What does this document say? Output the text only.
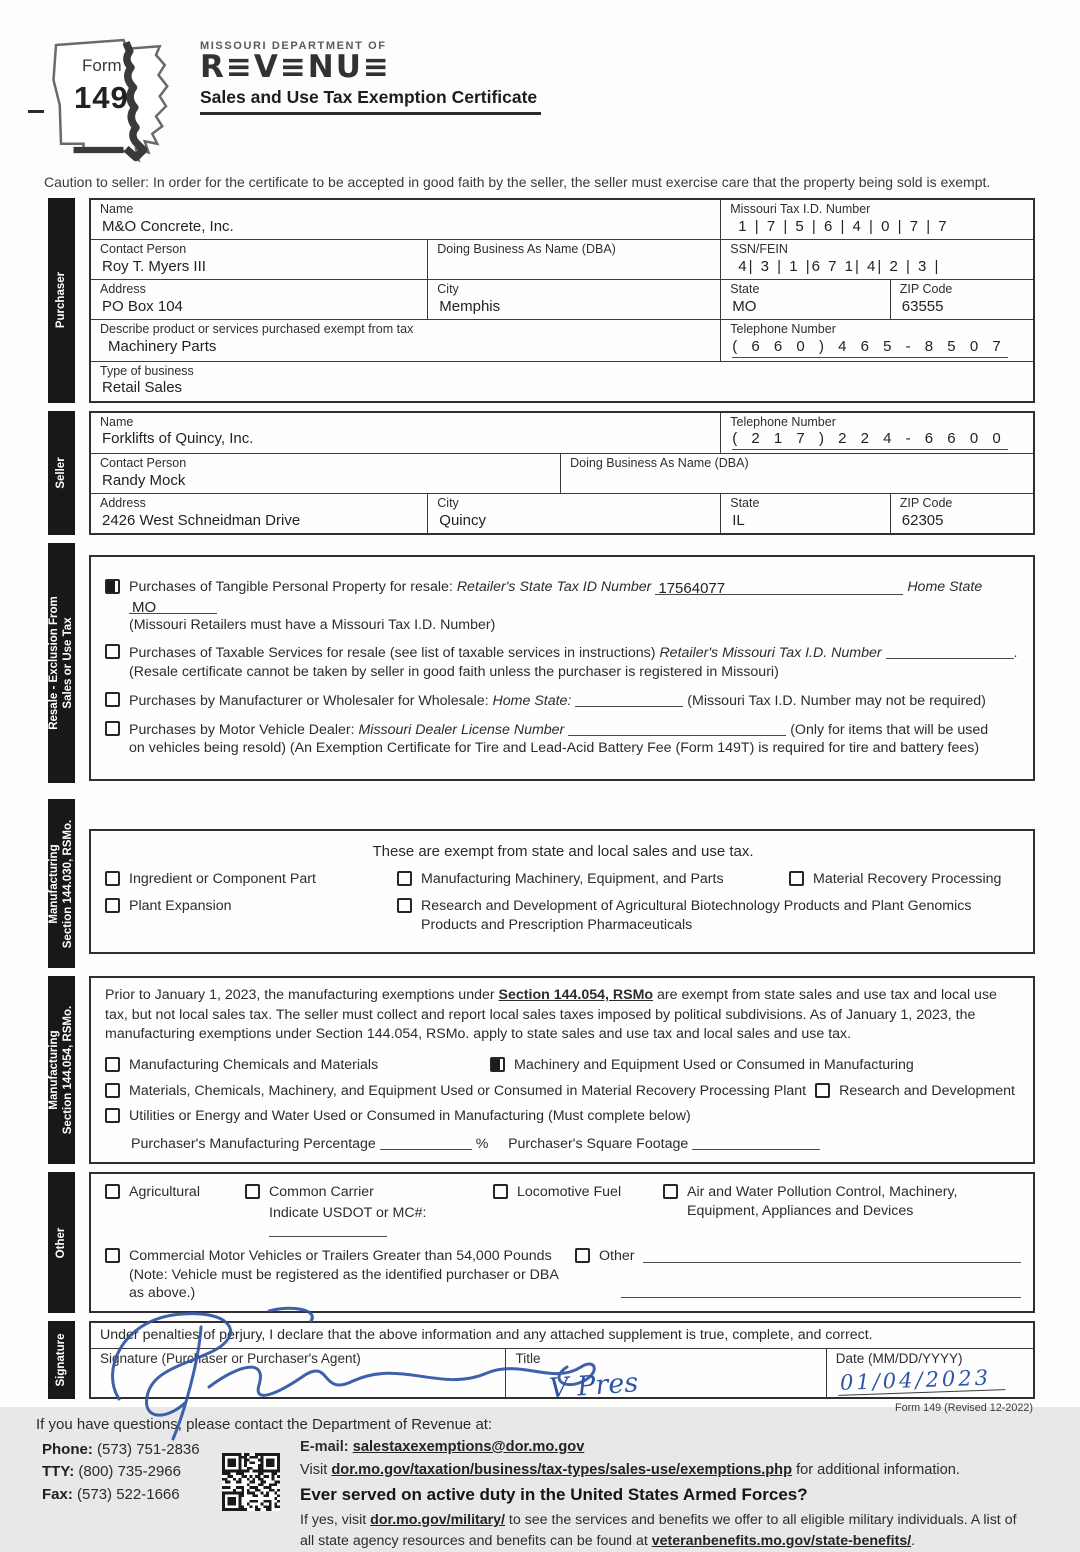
Form
149
MISSOURI DEPARTMENT OF
R≡V≡NU≡
Sales and Use Tax Exemption Certificate

Caution to seller: In order for the certificate to be accepted in good faith by the seller, the seller must exercise care that the property being sold is exempt.

Purchaser
Name
M&O Concrete, Inc.
Missouri Tax I.D. Number
1 | 7 | 5 | 6 | 4 | 0 | 7 | 7
Contact Person
Roy T. Myers III
Doing Business As Name (DBA)	SSN/FEIN
4| 3 | 1 |6 7 1| 4| 2 | 3 |
Address
PO Box 104
City
Memphis
State
MO
ZIP Code
63555
Describe product or services purchased exempt from tax
Machinery Parts
Telephone Number
( 6 6 0 ) 4 6 5 - 8 5 0 7
Type of business
Retail Sales
Seller
Name
Forklifts of Quincy, Inc.
Telephone Number
( 2 1 7 ) 2 2 4 - 6 6 0 0
Contact Person
Randy Mock
Doing Business As Name (DBA)
Address
2426 West Schneidman Drive
City
Quincy
State
IL
ZIP Code
62305
Resale - Exclusion From Sales or Use Tax
Purchases of Tangible Personal Property for resale: Retailer's State Tax ID Number 17564077	Home State MO
(Missouri Retailers must have a Missouri Tax I.D. Number)
Purchases of Taxable Services for resale (see list of taxable services in instructions) Retailer's Missouri Tax I.D. Number	.
(Resale certificate cannot be taken by seller in good faith unless the purchaser is registered in Missouri)
Purchases by Manufacturer or Wholesaler for Wholesale: Home State:	(Missouri Tax I.D. Number may not be required)
Purchases by Motor Vehicle Dealer: Missouri Dealer License Number	(Only for items that will be used
on vehicles being resold) (An Exemption Certificate for Tire and Lead-Acid Battery Fee (Form 149T) is required for tire and battery fees)
Manufacturing Section 144.030, RSMo.	These are exempt from state and local sales and use tax.
Ingredient or Component Part	Manufacturing Machinery, Equipment, and Parts	Material Recovery Processing
Plant Expansion	Research and Development of Agricultural Biotechnology Products and Plant Genomics Products and Prescription Pharmaceuticals
Manufacturing Section 144.054, RSMo.
Prior to January 1, 2023, the manufacturing exemptions under Section 144.054, RSMo are exempt from state sales and use tax and local use tax, but not local sales tax. The seller must collect and report local sales taxes imposed by political subdivisions. As of January 1, 2023, the manufacturing exemptions under Section 144.054, RSMo. apply to state sales and use tax and local sales and use tax.
Manufacturing Chemicals and Materials	Machinery and Equipment Used or Consumed in Manufacturing
Materials, Chemicals, Machinery, and Equipment Used or Consumed in Material Recovery Processing Plant Research and Development
Utilities or Energy and Water Used or Consumed in Manufacturing (Must complete below)
Purchaser's Manufacturing Percentage	% Purchaser's Square Footage
Other
Agricultural	Common Carrier
Indicate USDOT or MC#:
Locomotive Fuel	Air and Water Pollution Control, Machinery, Equipment, Appliances and Devices
Commercial Motor Vehicles or Trailers Greater than 54,000 Pounds (Note: Vehicle must be registered as the identified purchaser or DBA as above.)
Other
Signature	Under penalties of perjury, I declare that the above information and any attached supplement is true, complete, and correct.
Signature (Purchaser or Purchaser's Agent)	Title
V Pres
Date (MM/DD/YYYY)
01/04/2023
Form 149 (Revised 12-2022)
If you have questions, please contact the Department of Revenue at:
Phone: (573) 751-2836
TTY: (800) 735-2966
Fax: (573) 522-1666
E-mail: salestaxexemptions@dor.mo.gov
Visit dor.mo.gov/taxation/business/tax-types/sales-use/exemptions.php for additional information.
Ever served on active duty in the United States Armed Forces?
If yes, visit dor.mo.gov/military/ to see the services and benefits we offer to all eligible military individuals. A list of
all state agency resources and benefits can be found at veteranbenefits.mo.gov/state-benefits/.
